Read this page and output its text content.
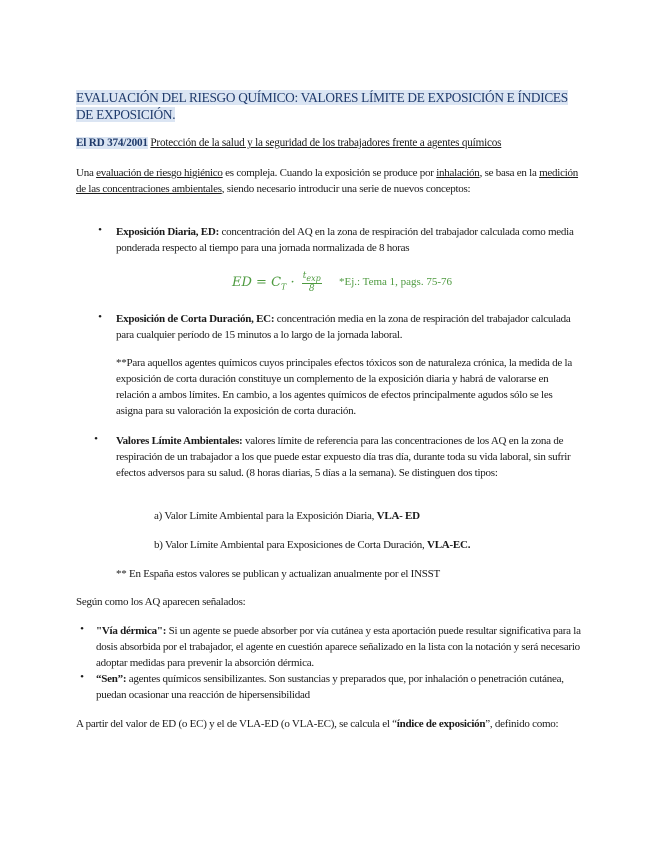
EVALUACIÓN DEL RIESGO QUÍMICO: VALORES LÍMITE DE EXPOSICIÓN E ÍNDICES DE EXPOSICIÓN.
El RD 374/2001 Protección de la salud y la seguridad de los trabajadores frente a agentes químicos
Una evaluación de riesgo higiénico es compleja. Cuando la exposición se produce por inhalación, se basa en la medición de las concentraciones ambientales, siendo necesario introducir una serie de nuevos conceptos:
• Exposición Diaria, ED: concentración del AQ en la zona de respiración del trabajador calculada como media ponderada respecto al tiempo para una jornada normalizada de 8 horas
ED = $C_T \cdot \frac{t_{exp}}{8} *Ej$.: Tema 1, pags. 75-76
• Exposición de Corta Duración, EC: concentración media en la zona de respiración del trabajador calculada para cualquier período de 15 minutos a lo largo de la jornada laboral.
**Para aquellos agentes químicos cuyos principales efectos tóxicos son de naturaleza crónica, la medida de la exposición de corta duración constituye un complemento de la exposición diaria y habrá de valorarse en relación a ambos límites. En cambio, a los agentes químicos de efectos principalmente agudos sólo se les asigna para su valoración la exposición de corta duración.
• Valores Límite Ambientales: valores límite de referencia para las concentraciones de los AQ en la zona de respiración de un trabajador a los que puede estar expuesto día tras día, durante toda su vida laboral, sin sufrir efectos adversos para su salud. (8 horas diarias, 5 días a la semana). Se distinguen dos tipos:
a) Valor Límite Ambiental para la Exposición Diaria, VLA- ED
b) Valor Límite Ambiental para Exposiciones de Corta Duración, VLA-EC.
** En España estos valores se publican y actualizan anualmente por el INSST
Según como los AQ aparecen señalados:
• "Vía dérmica": Si un agente se puede absorber por vía cutánea y esta aportación puede resultar significativa para la dosis absorbida por el trabajador, el agente en cuestión aparece señalizado en la lista con la notación y será necesario adoptar medidas para prevenir la absorción dérmica.
• “Sen”: agentes químicos sensibilizantes. Son sustancias y preparados que, por inhalación o penetración cutánea, puedan ocasionar una reacción de hipersensibilidad
A partir del valor de ED (o EC) y el de VLA-ED (o VLA-EC), se calcula el “índice de exposición”, definido como:
